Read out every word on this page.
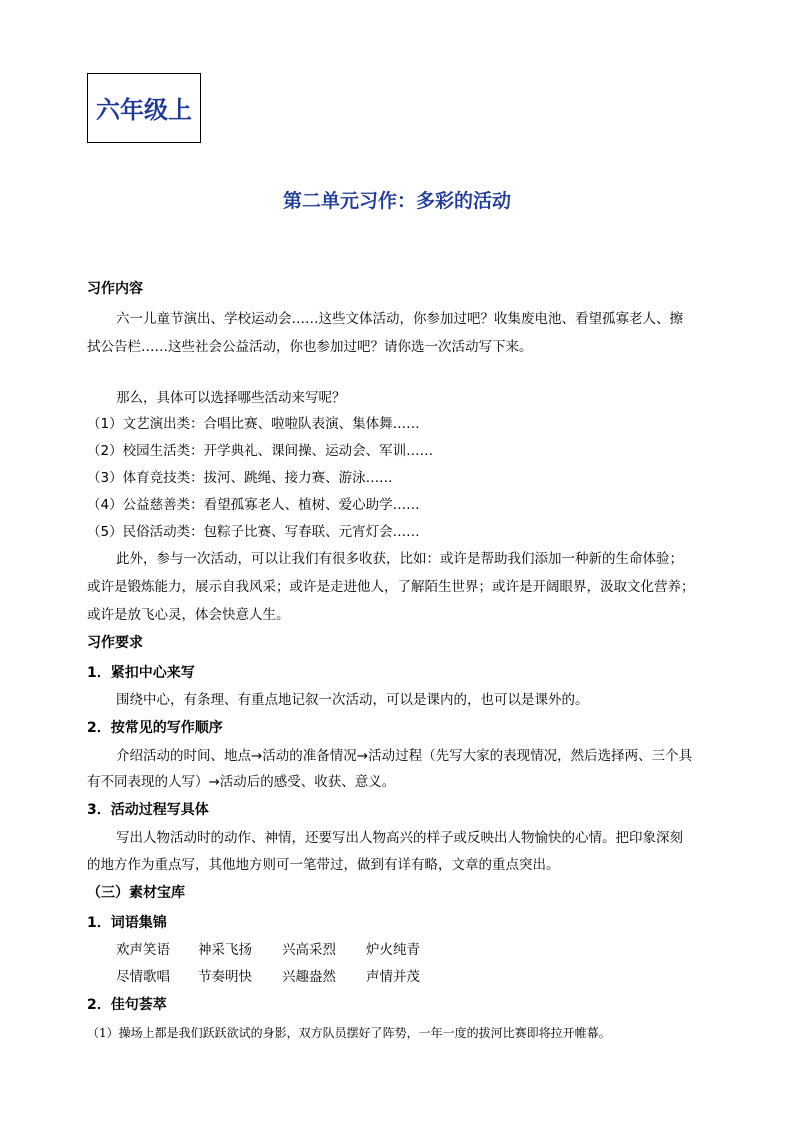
六年级上
第二单元习作：多彩的活动
习作内容
六一儿童节演出、学校运动会……这些文体活动，你参加过吧？收集废电池、看望孤寡老人、擦
拭公告栏……这些社会公益活动，你也参加过吧？请你选一次活动写下来。
那么，具体可以选择哪些活动来写呢？
（1）文艺演出类：合唱比赛、啦啦队表演、集体舞……
（2）校园生活类：开学典礼、课间操、运动会、军训……
（3）体育竞技类：拔河、跳绳、接力赛、游泳……
（4）公益慈善类：看望孤寡老人、植树、爱心助学……
（5）民俗活动类：包粽子比赛、写春联、元宵灯会……
此外，参与一次活动，可以让我们有很多收获，比如：或许是帮助我们添加一种新的生命体验；
或许是锻炼能力，展示自我风采；或许是走进他人，了解陌生世界；或许是开阔眼界，汲取文化营养；
或许是放飞心灵，体会快意人生。
习作要求
1．紧扣中心来写
围绕中心，有条理、有重点地记叙一次活动，可以是课内的，也可以是课外的。
2．按常见的写作顺序
介绍活动的时间、地点→活动的准备情况→活动过程（先写大家的表现情况，然后选择两、三个具
有不同表现的人写）→活动后的感受、收获、意义。
3．活动过程写具体
写出人物活动时的动作、神情，还要写出人物高兴的样子或反映出人物愉快的心情。把印象深刻
的地方作为重点写，其他地方则可一笔带过，做到有详有略，文章的重点突出。
（三）素材宝库
1．词语集锦
欢声笑语 神采飞扬 兴高采烈 炉火纯青
尽情歌唱 节奏明快 兴趣盎然 声情并茂
2．佳句荟萃
（1）操场上都是我们跃跃欲试的身影，双方队员摆好了阵势，一年一度的拔河比赛即将拉开帷幕。
